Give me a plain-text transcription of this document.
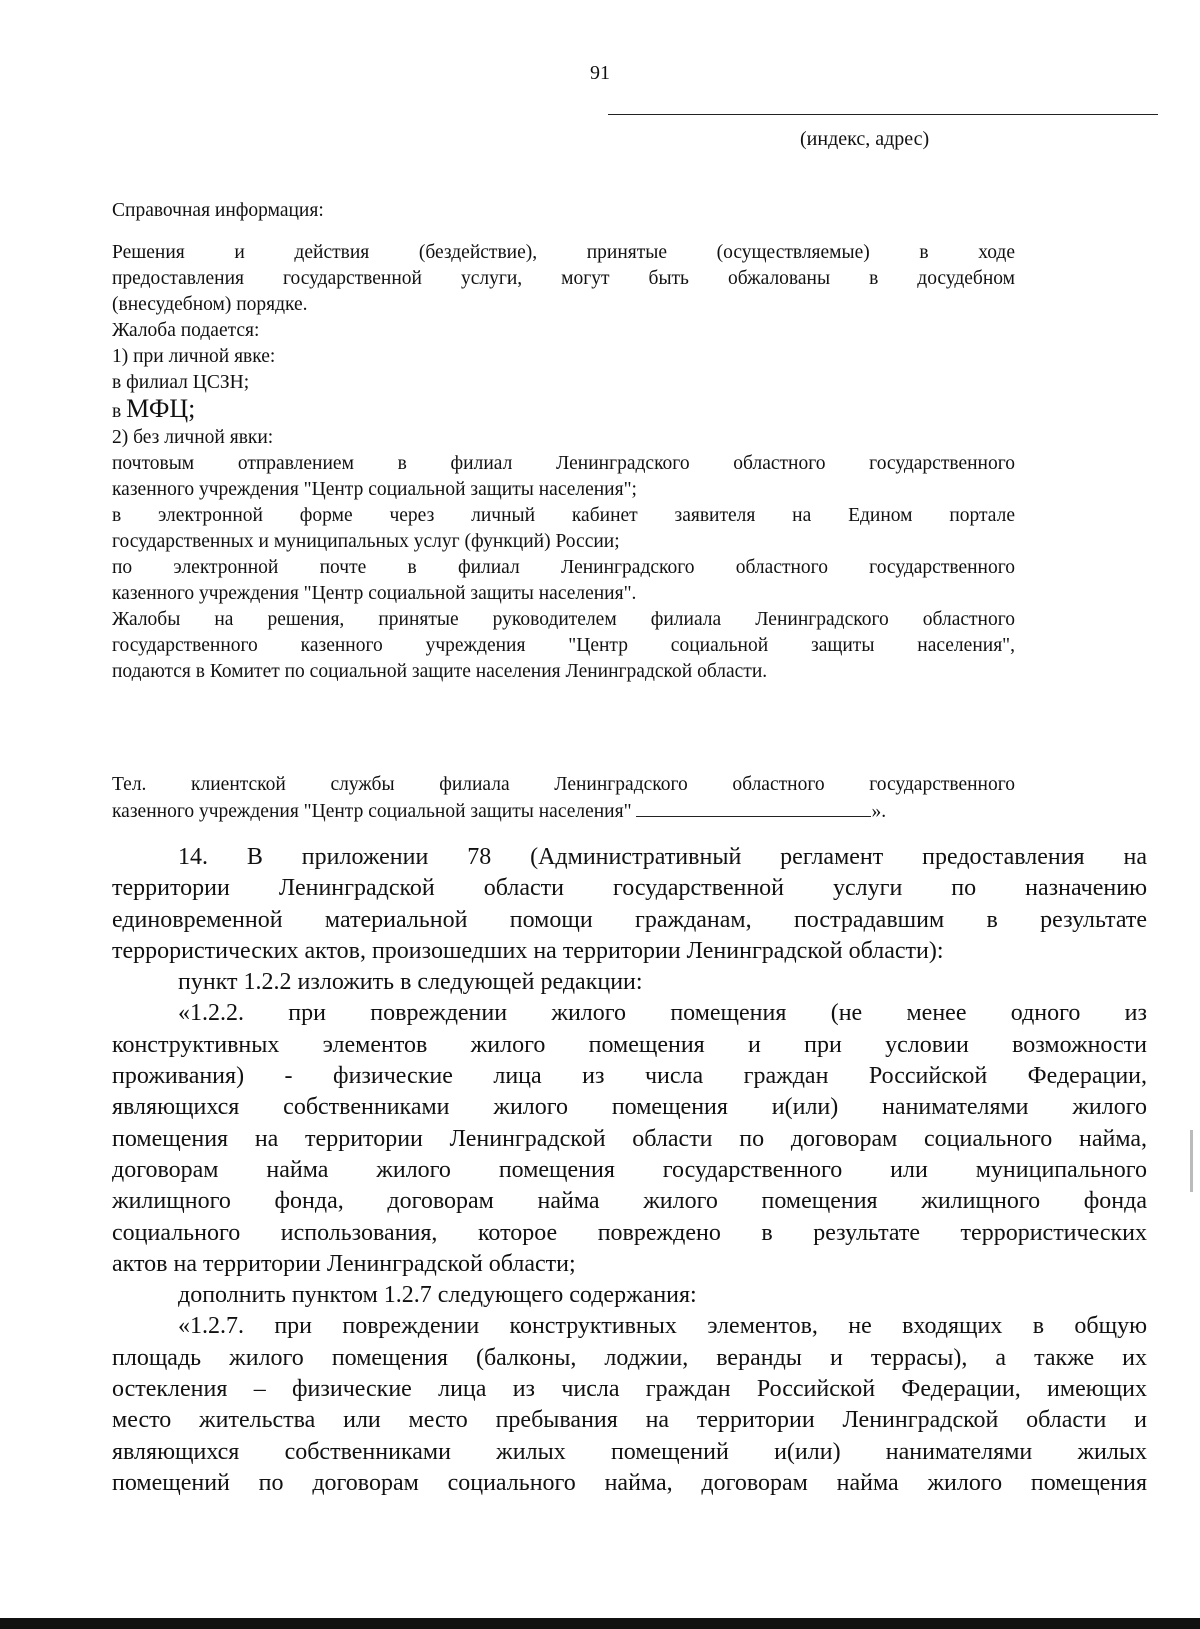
91
(индекс, адрес)
Справочная информация:
Решения и действия (бездействие), принятые (осуществляемые) в ходе
предоставления государственной услуги, могут быть обжалованы в досудебном
(внесудебном) порядке.
Жалоба подается:
1) при личной явке:
в филиал ЦСЗН;
в МФЦ;
2) без личной явки:
почтовым отправлением в филиал Ленинградского областного государственного
казенного учреждения "Центр социальной защиты населения";
в электронной форме через личный кабинет заявителя на Едином портале
государственных и муниципальных услуг (функций) России;
по электронной почте в филиал Ленинградского областного государственного
казенного учреждения "Центр социальной защиты населения".
Жалобы на решения, принятые руководителем филиала Ленинградского областного
государственного казенного учреждения "Центр социальной защиты населения",
подаются в Комитет по социальной защите населения Ленинградской области.
Тел. клиентской службы филиала Ленинградского областного государственного
казенного учреждения "Центр социальной защиты населения"	».
14. В приложении 78 (Административный регламент предоставления на
территории Ленинградской области государственной услуги по назначению
единовременной материальной помощи гражданам, пострадавшим в результате
террористических актов, произошедших на территории Ленинградской области):
пункт 1.2.2 изложить в следующей редакции:
«1.2.2. при повреждении жилого помещения (не менее одного из
конструктивных элементов жилого помещения и при условии возможности
проживания) - физические лица из числа граждан Российской Федерации,
являющихся собственниками жилого помещения и(или) нанимателями жилого
помещения на территории Ленинградской области по договорам социального найма,
договорам найма жилого помещения государственного или муниципального
жилищного фонда, договорам найма жилого помещения жилищного фонда
социального использования, которое повреждено в результате террористических
актов на территории Ленинградской области;
дополнить пунктом 1.2.7 следующего содержания:
«1.2.7. при повреждении конструктивных элементов, не входящих в общую
площадь жилого помещения (балконы, лоджии, веранды и террасы), а также их
остекления – физические лица из числа граждан Российской Федерации, имеющих
место жительства или место пребывания на территории Ленинградской области и
являющихся собственниками жилых помещений и(или) нанимателями жилых
помещений по договорам социального найма, договорам найма жилого помещения
